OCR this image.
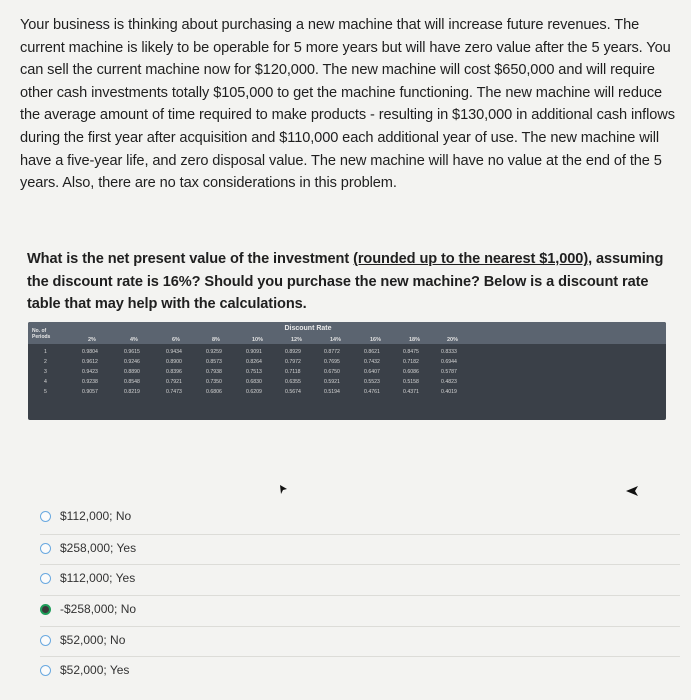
Your business is thinking about purchasing a new machine that will increase future revenues. The current machine is likely to be operable for 5 more years but will have zero value after the 5 years. You can sell the current machine now for $120,000. The new machine will cost $650,000 and will require other cash investments totally $105,000 to get the machine functioning. The new machine will reduce the average amount of time required to make products - resulting in $130,000 in additional cash inflows during the first year after acquisition and $110,000 each additional year of use. The new machine will have a five-year life, and zero disposal value. The new machine will have no value at the end of the 5 years. Also, there are no tax considerations in this problem.
What is the net present value of the investment (rounded up to the nearest $1,000), assuming the discount rate is 16%? Should you purchase the new machine? Below is a discount rate table that may help with the calculations.
Discount Rate
No. of Periods	2%	4%	6%	8%	10%	12%	14%	16%	18%	20%
1	0.9804	0.9615	0.9434	0.9259	0.9091	0.8929	0.8772	0.8621	0.8475	0.8333
2	0.9612	0.9246	0.8900	0.8573	0.8264	0.7972	0.7695	0.7432	0.7182	0.6944
3	0.9423	0.8890	0.8396	0.7938	0.7513	0.7118	0.6750	0.6407	0.6086	0.5787
4	0.9238	0.8548	0.7921	0.7350	0.6830	0.6355	0.5921	0.5523	0.5158	0.4823
5	0.9057	0.8219	0.7473	0.6806	0.6209	0.5674	0.5194	0.4761	0.4371	0.4019
$112,000; No
$258,000; Yes
$112,000; Yes
-$258,000; No
$52,000; No
$52,000; Yes
